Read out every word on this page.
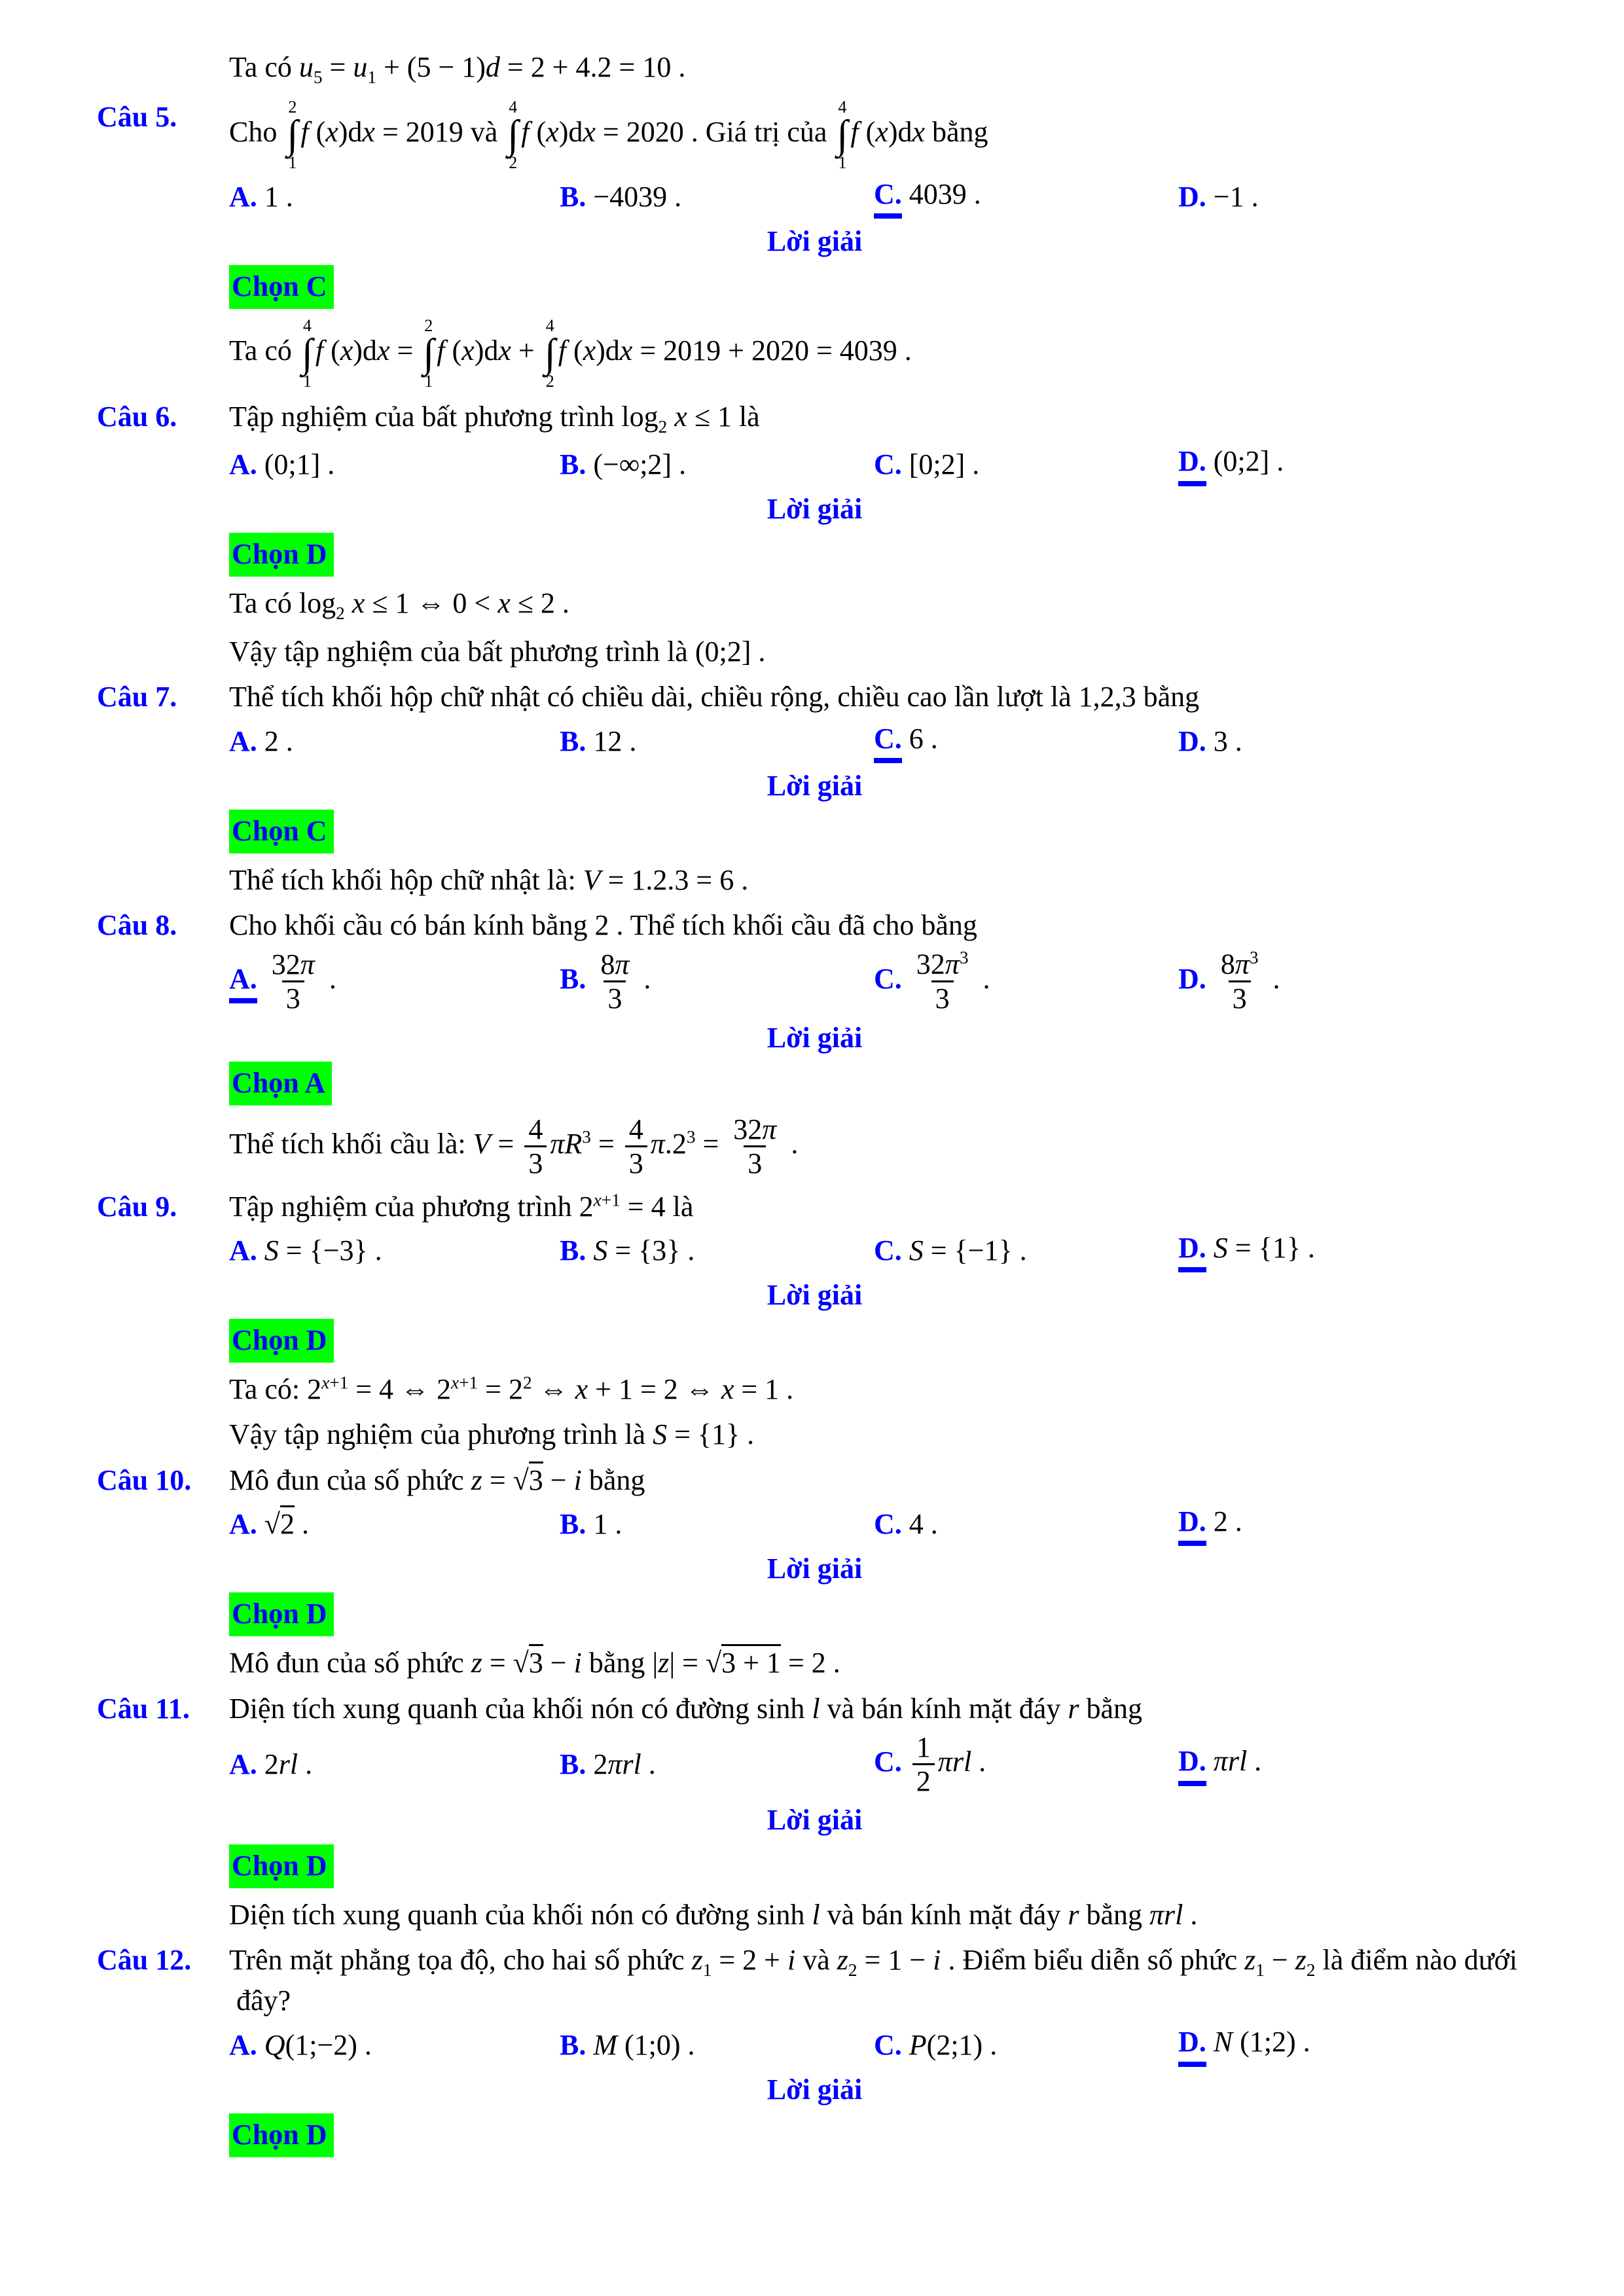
Ta có $u_5 = u_1 + (5 - 1)d = 2 + 4.2 = 10$ .
Câu 5.	Cho
2
∫
1
f (x)dx = 2019 và
4
∫
2
f (x)dx = 2020 . Giá trị của
4
∫
1
f (x)dx bằng
A. 1 .	B. −4039 .	C. 4039 .	D. −1 .
Lời giải
Chọn C
Ta có
4
∫
1
f (x)dx =
2
∫
1
f (x)dx +
4
∫
2
f (x)dx = 2019 + 2020 = 4039 .
Câu 6.	Tập nghiệm của bất phương trình $\log_2 x \le 1$ là
A. (0;1] .	B. (−∞;2] .	C. [0;2] .	D. (0;2] .
Lời giải
Chọn D
Ta có $\log_2 x \le 1$ ⇔ 0 < x ≤ 2 .
Vậy tập nghiệm của bất phương trình là (0;2] .
Câu 7.	Thể tích khối hộp chữ nhật có chiều dài, chiều rộng, chiều cao lần lượt là 1,2,3 bằng
A. 2 .	B. 12 .	C. 6 .	D. 3 .
Lời giải
Chọn C
Thể tích khối hộp chữ nhật là: V = 1.2.3 = 6 .
Câu 8.	Cho khối cầu có bán kính bằng 2 . Thể tích khối cầu đã cho bằng
A. $\frac{32\pi}{3}$ .	B. $\frac{8\pi}{3}$ .	C. $\frac{32\pi^3}{3}$ .	D. $\frac{8\pi^3}{3}$ .
Lời giải
Chọn A
Thể tích khối cầu là: $V = \frac{4}{3} \pi R^3 = \frac{4}{3} \pi.2^3 = \frac{32\pi}{3}$ .
Câu 9.	Tập nghiệm của phương trình $2^{x+1} = 4$ là
A. S = {−3} .	B. S = {3} .	C. S = {−1} .	D. S = {1} .
Lời giải
Chọn D
Ta có: $2^{x+1} = 4$ ⇔ $2^{x+1} = 2^2$ ⇔ x + 1 = 2 ⇔ x = 1 .
Vậy tập nghiệm của phương trình là S = {1} .
Câu 10.	Mô đun của số phức z = √3 − i bằng
A. √2 .	B. 1 .	C. 4 .	D. 2 .
Lời giải
Chọn D
Mô đun của số phức z = √3 − i bằng |z| = √3 + 1 = 2 .
Câu 11.	Diện tích xung quanh của khối nón có đường sinh l và bán kính mặt đáy r bằng
A. 2rl .	B. 2πrl .	C. $\frac{1}{2}$ πrl .	D. πrl .
Lời giải
Chọn D
Diện tích xung quanh của khối nón có đường sinh l và bán kính mặt đáy r bằng πrl .
Câu 12.	Trên mặt phẳng tọa độ, cho hai số phức $z_1 = 2 + i$ và $z_2 = 1 - i$ . Điểm biểu diễn số phức $z_1 - z_2$ là điểm nào dưới  đây?
A. Q(1;−2) .	B. M (1;0) .	C. P(2;1) .	D. N (1;2) .
Lời giải
Chọn D
